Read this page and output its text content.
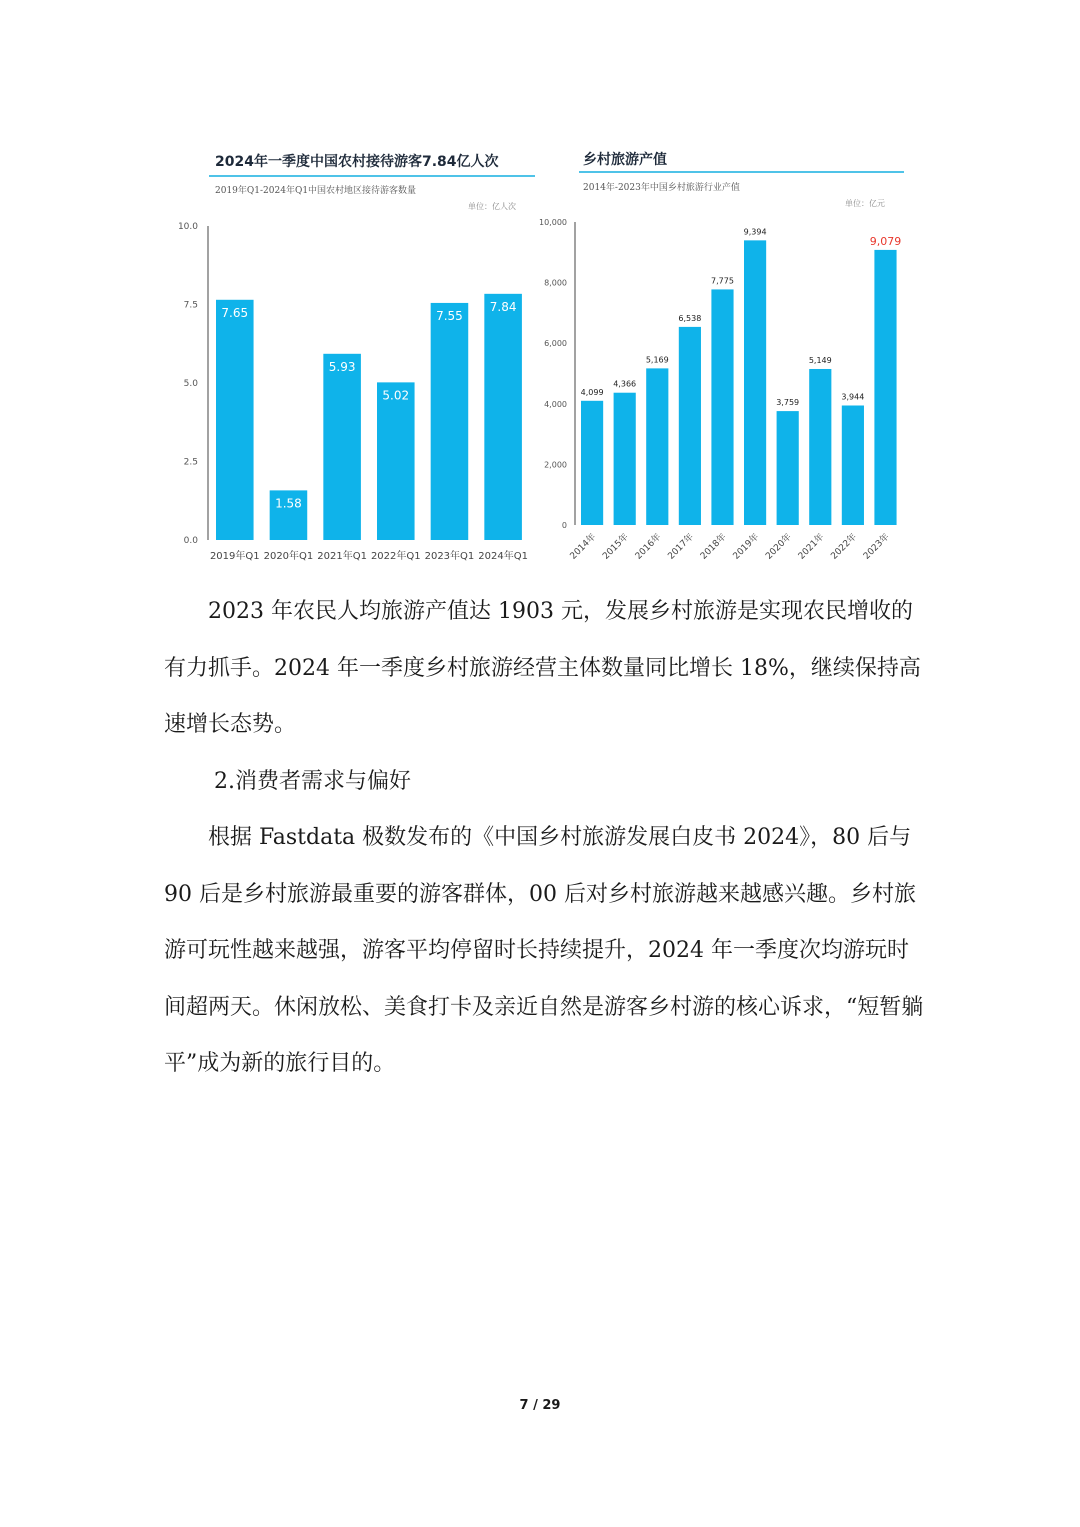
2024年一季度中国农村接待游客7.84亿人次
2019年Q1-2024年Q1中国农村地区接待游客数量
单位：亿人次
乡村旅游产值
2014年-2023年中国乡村旅游行业产值
单位：亿元
0.0
2.5
5.0
7.5
10.0
7.65
2019年Q1
1.58
2020年Q1
5.93
2021年Q1
5.02
2022年Q1
7.55
2023年Q1
7.84
2024年Q1
0
2,000
4,000
6,000
8,000
10,000
4,099
2014年
4,366
2015年
5,169
2016年
6,538
2017年
7,775
2018年
9,394
2019年
3,759
2020年
5,149
2021年
3,944
2022年
9,079
2023年

2023 年农民人均旅游产值达 1903 元，发展乡村旅游是实现农民增收的有力抓手。2024 年一季度乡村旅游经营主体数量同比增长 18%，继续保持高速增长态势。

2.消费者需求与偏好

根据 Fastdata 极数发布的《中国乡村旅游发展白皮书 2024》，80 后与 90 后是乡村旅游最重要的游客群体，00 后对乡村旅游越来越感兴趣。乡村旅游可玩性越来越强，游客平均停留时长持续提升，2024 年一季度次均游玩时间超两天。休闲放松、美食打卡及亲近自然是游客乡村游的核心诉求，“短暂躺平”成为新的旅行目的。

7 / 29
